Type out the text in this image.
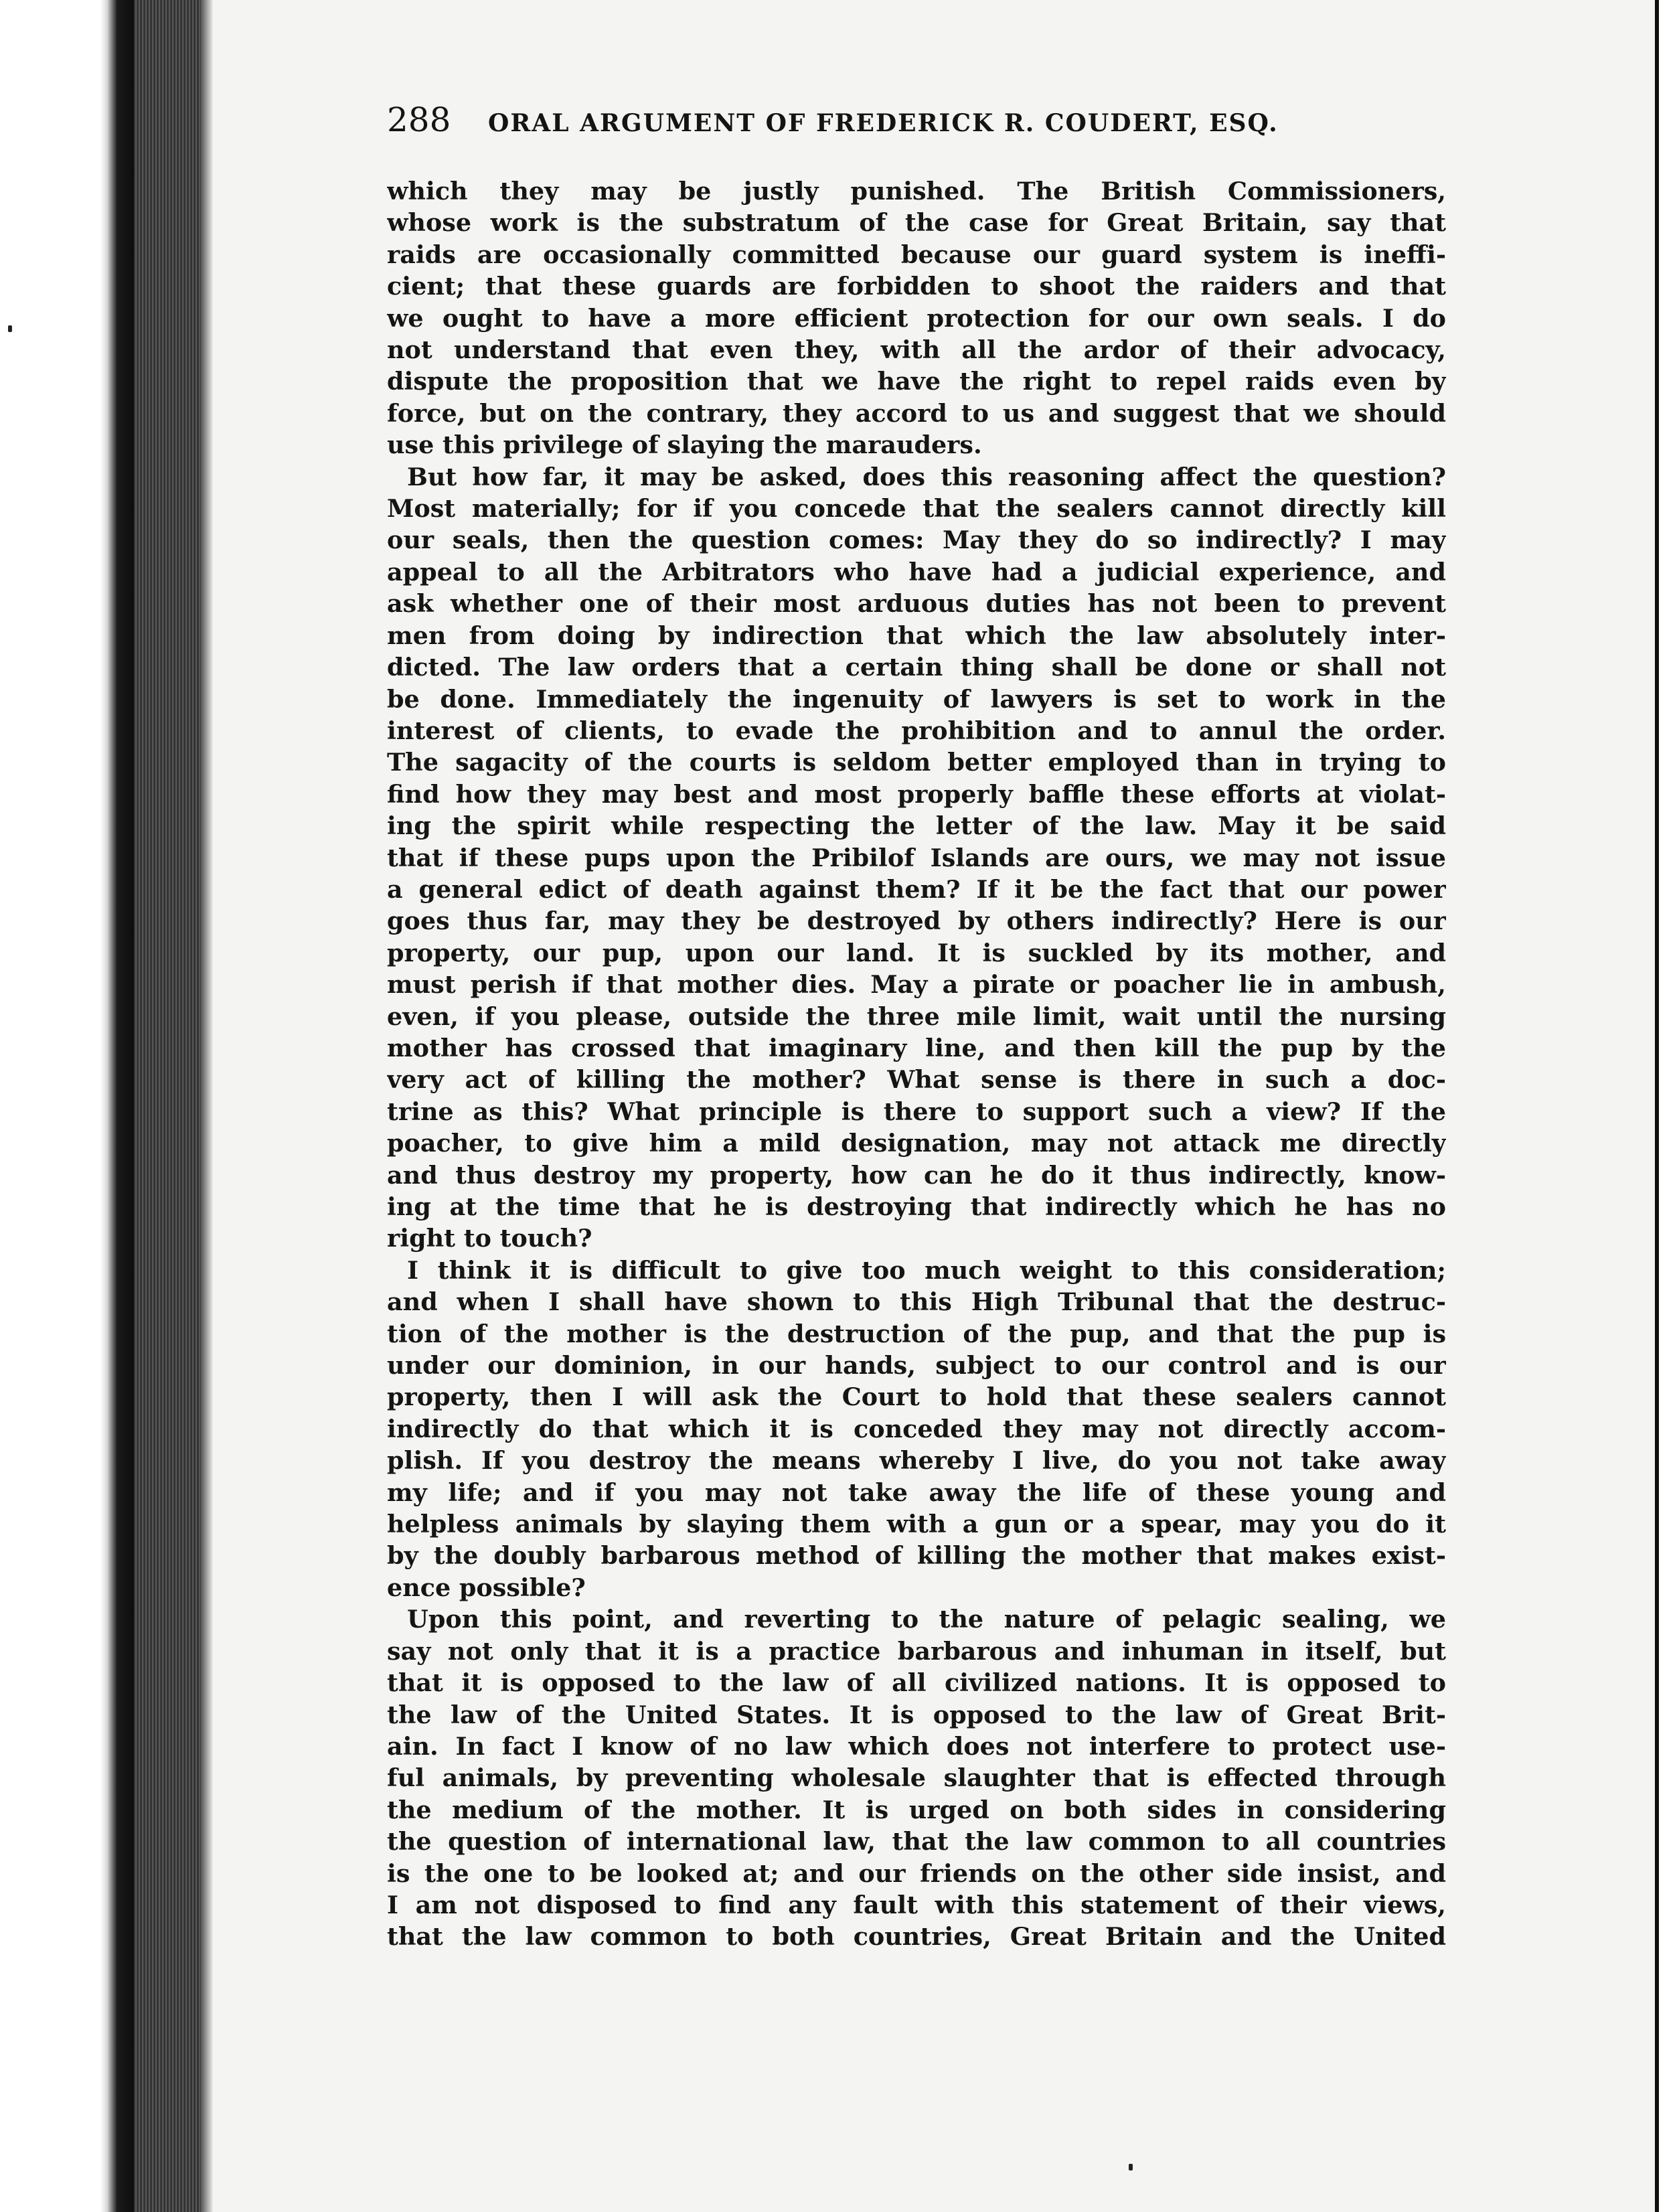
288 ORAL ARGUMENT OF FREDERICK R. COUDERT, ESQ.
which they may be justly punished. The British Commissioners,
whose work is the substratum of the case for Great Britain, say that
raids are occasionally committed because our guard system is ineffi-
cient; that these guards are forbidden to shoot the raiders and that
we ought to have a more efficient protection for our own seals. I do
not understand that even they, with all the ardor of their advocacy,
dispute the proposition that we have the right to repel raids even by
force, but on the contrary, they accord to us and suggest that we should
use this privilege of slaying the marauders.
But how far, it may be asked, does this reasoning affect the question?
Most materially; for if you concede that the sealers cannot directly kill
our seals, then the question comes: May they do so indirectly? I may
appeal to all the Arbitrators who have had a judicial experience, and
ask whether one of their most arduous duties has not been to prevent
men from doing by indirection that which the law absolutely inter-
dicted. The law orders that a certain thing shall be done or shall not
be done. Immediately the ingenuity of lawyers is set to work in the
interest of clients, to evade the prohibition and to annul the order.
The sagacity of the courts is seldom better employed than in trying to
find how they may best and most properly baffle these efforts at violat-
ing the spirit while respecting the letter of the law. May it be said
that if these pups upon the Pribilof Islands are ours, we may not issue
a general edict of death against them? If it be the fact that our power
goes thus far, may they be destroyed by others indirectly? Here is our
property, our pup, upon our land. It is suckled by its mother, and
must perish if that mother dies. May a pirate or poacher lie in ambush,
even, if you please, outside the three mile limit, wait until the nursing
mother has crossed that imaginary line, and then kill the pup by the
very act of killing the mother? What sense is there in such a doc-
trine as this? What principle is there to support such a view? If the
poacher, to give him a mild designation, may not attack me directly
and thus destroy my property, how can he do it thus indirectly, know-
ing at the time that he is destroying that indirectly which he has no
right to touch?
I think it is difficult to give too much weight to this consideration;
and when I shall have shown to this High Tribunal that the destruc-
tion of the mother is the destruction of the pup, and that the pup is
under our dominion, in our hands, subject to our control and is our
property, then I will ask the Court to hold that these sealers cannot
indirectly do that which it is conceded they may not directly accom-
plish. If you destroy the means whereby I live, do you not take away
my life; and if you may not take away the life of these young and
helpless animals by slaying them with a gun or a spear, may you do it
by the doubly barbarous method of killing the mother that makes exist-
ence possible?
Upon this point, and reverting to the nature of pelagic sealing, we
say not only that it is a practice barbarous and inhuman in itself, but
that it is opposed to the law of all civilized nations. It is opposed to
the law of the United States. It is opposed to the law of Great Brit-
ain. In fact I know of no law which does not interfere to protect use-
ful animals, by preventing wholesale slaughter that is effected through
the medium of the mother. It is urged on both sides in considering
the question of international law, that the law common to all countries
is the one to be looked at; and our friends on the other side insist, and
I am not disposed to find any fault with this statement of their views,
that the law common to both countries, Great Britain and the United
